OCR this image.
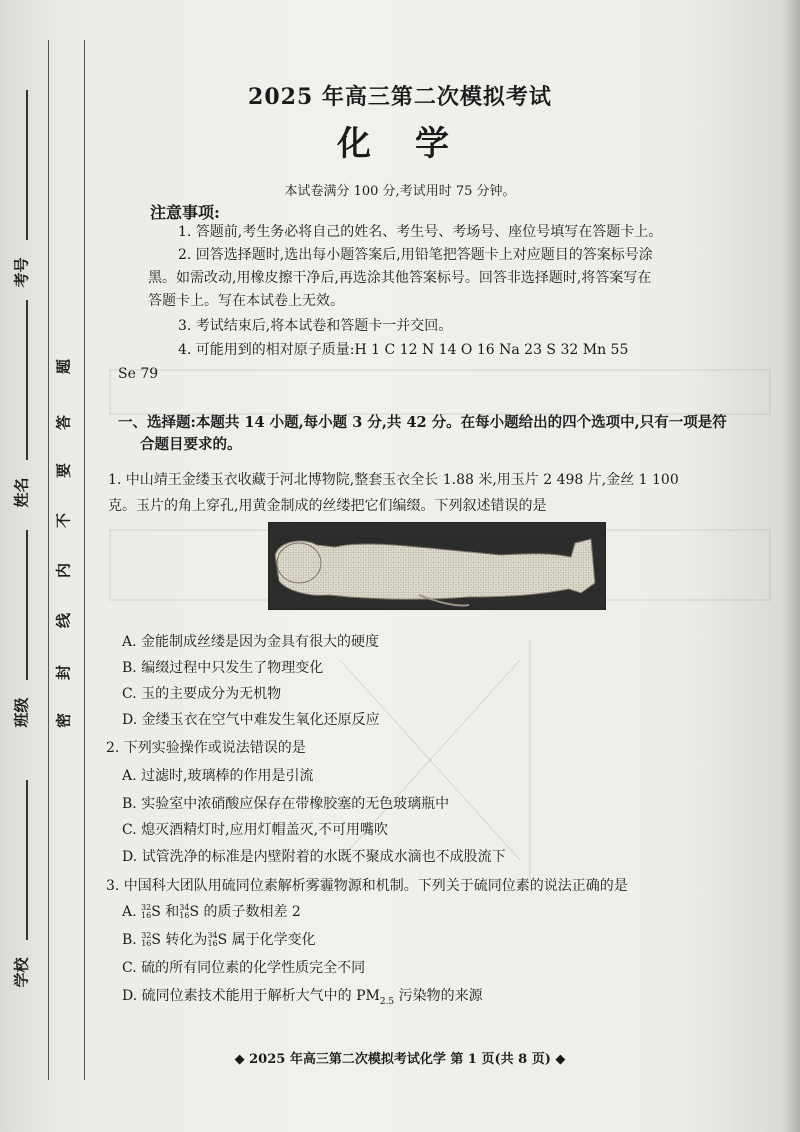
考号
姓名
班级
学校
题
答
要
不
内
线
封
密
2025 年高三第二次模拟考试
化学
本试卷满分 100 分,考试用时 75 分钟。
注意事项:
1. 答题前,考生务必将自己的姓名、考生号、考场号、座位号填写在答题卡上。
2. 回答选择题时,选出每小题答案后,用铅笔把答题卡上对应题目的答案标号涂
黑。如需改动,用橡皮擦干净后,再选涂其他答案标号。回答非选择题时,将答案写在
答题卡上。写在本试卷上无效。
3. 考试结束后,将本试卷和答题卡一并交回。
4. 可能用到的相对原子质量:H 1 C 12 N 14 O 16 Na 23 S 32 Mn 55
Se 79
一、选择题:本题共 14 小题,每小题 3 分,共 42 分。在每小题给出的四个选项中,只有一项是符
合题目要求的。
1. 中山靖王金缕玉衣收藏于河北博物院,整套玉衣全长 1.88 米,用玉片 2 498 片,金丝 1 100
克。玉片的角上穿孔,用黄金制成的丝缕把它们编缀。下列叙述错误的是
A. 金能制成丝缕是因为金具有很大的硬度
B. 编缀过程中只发生了物理变化
C. 玉的主要成分为无机物
D. 金缕玉衣在空气中难发生氧化还原反应
2. 下列实验操作或说法错误的是
A. 过滤时,玻璃棒的作用是引流
B. 实验室中浓硝酸应保存在带橡胶塞的无色玻璃瓶中
C. 熄灭酒精灯时,应用灯帽盖灭,不可用嘴吹
D. 试管洗净的标准是内壁附着的水既不聚成水滴也不成股流下
3. 中国科大团队用硫同位素解析雾霾物源和机制。下列关于硫同位素的说法正确的是
A. 32
16 S 和 34
16 S 的质子数相差 2
B. 32
16 S 转化为 34
16 S 属于化学变化
C. 硫的所有同位素的化学性质完全不同
D. 硫同位素技术能用于解析大气中的 $PM_{2.5}$ 污染物的来源
◆ 2025 年高三第二次模拟考试化学 第 1 页(共 8 页) ◆
